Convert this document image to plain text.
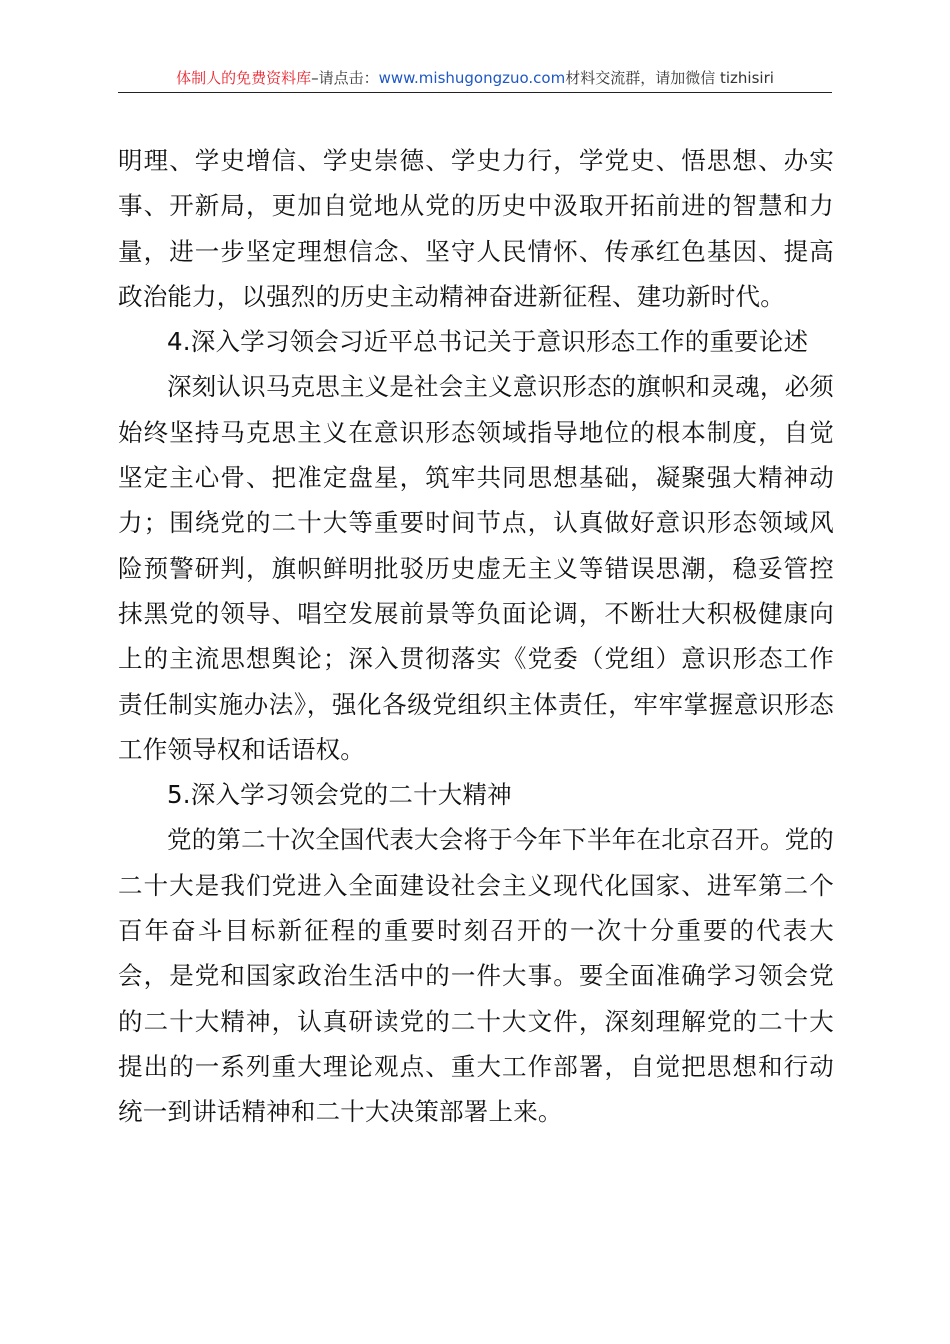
体制人的免费资料库–请点击：www.mishugongzuo.com材料交流群，请加微信 tizhisiri

明理、学史增信、学史崇德、学史力行，学党史、悟思想、办实事、开新局，更加自觉地从党的历史中汲取开拓前进的智慧和力量，进一步坚定理想信念、坚守人民情怀、传承红色基因、提高政治能力，以强烈的历史主动精神奋进新征程、建功新时代。

4.深入学习领会习近平总书记关于意识形态工作的重要论述

深刻认识马克思主义是社会主义意识形态的旗帜和灵魂，必须始终坚持马克思主义在意识形态领域指导地位的根本制度，自觉坚定主心骨、把准定盘星，筑牢共同思想基础，凝聚强大精神动力；围绕党的二十大等重要时间节点，认真做好意识形态领域风险预警研判，旗帜鲜明批驳历史虚无主义等错误思潮，稳妥管控抹黑党的领导、唱空发展前景等负面论调，不断壮大积极健康向上的主流思想舆论；深入贯彻落实《党委（党组）意识形态工作责任制实施办法》，强化各级党组织主体责任，牢牢掌握意识形态工作领导权和话语权。

5.深入学习领会党的二十大精神

党的第二十次全国代表大会将于今年下半年在北京召开。党的二十大是我们党进入全面建设社会主义现代化国家、进军第二个百年奋斗目标新征程的重要时刻召开的一次十分重要的代表大会，是党和国家政治生活中的一件大事。要全面准确学习领会党的二十大精神，认真研读党的二十大文件，深刻理解党的二十大提出的一系列重大理论观点、重大工作部署，自觉把思想和行动统一到讲话精神和二十大决策部署上来。
